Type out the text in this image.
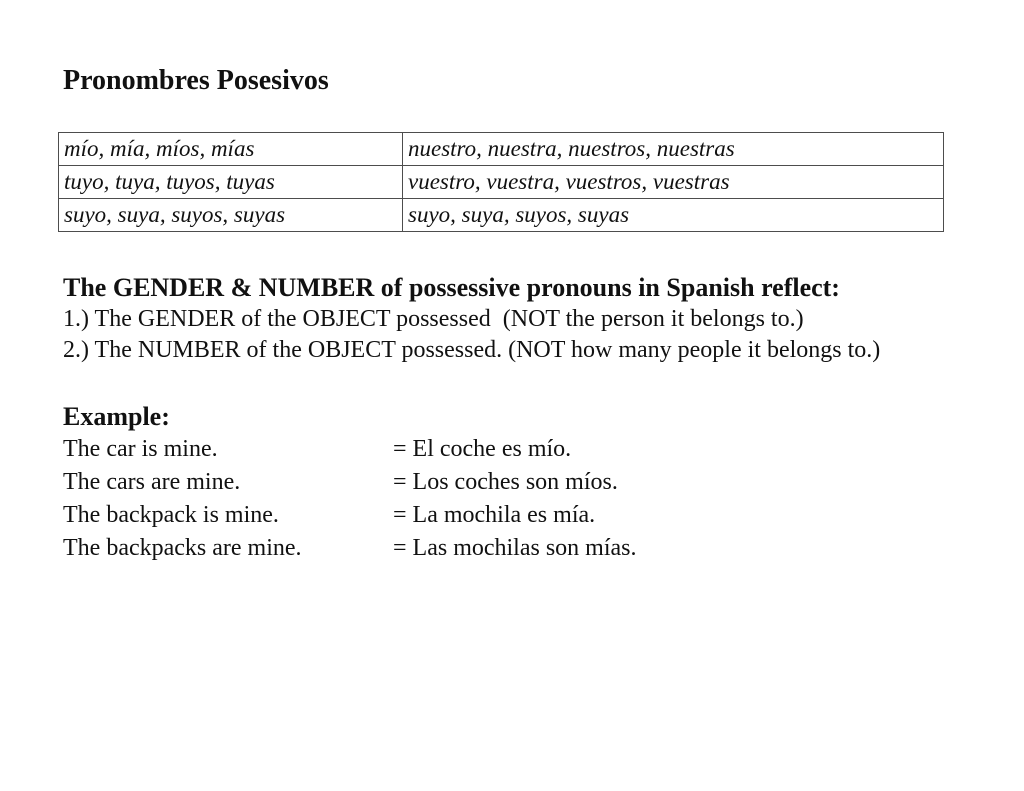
Pronombres Posesivos
mío, mía, míos, mías	nuestro, nuestra, nuestros, nuestras
tuyo, tuya, tuyos, tuyas	vuestro, vuestra, vuestros, vuestras
suyo, suya, suyos, suyas	suyo, suya, suyos, suyas
The GENDER & NUMBER of possessive pronouns in Spanish reflect:

1.) The GENDER of the OBJECT possessed  (NOT the person it belongs to.)

2.) The NUMBER of the OBJECT possessed. (NOT how many people it belongs to.)

Example:
The car is mine.	= El coche es mío.
The cars are mine.	= Los coches son míos.
The backpack is mine.	= La mochila es mía.
The backpacks are mine.	= Las mochilas son mías.
